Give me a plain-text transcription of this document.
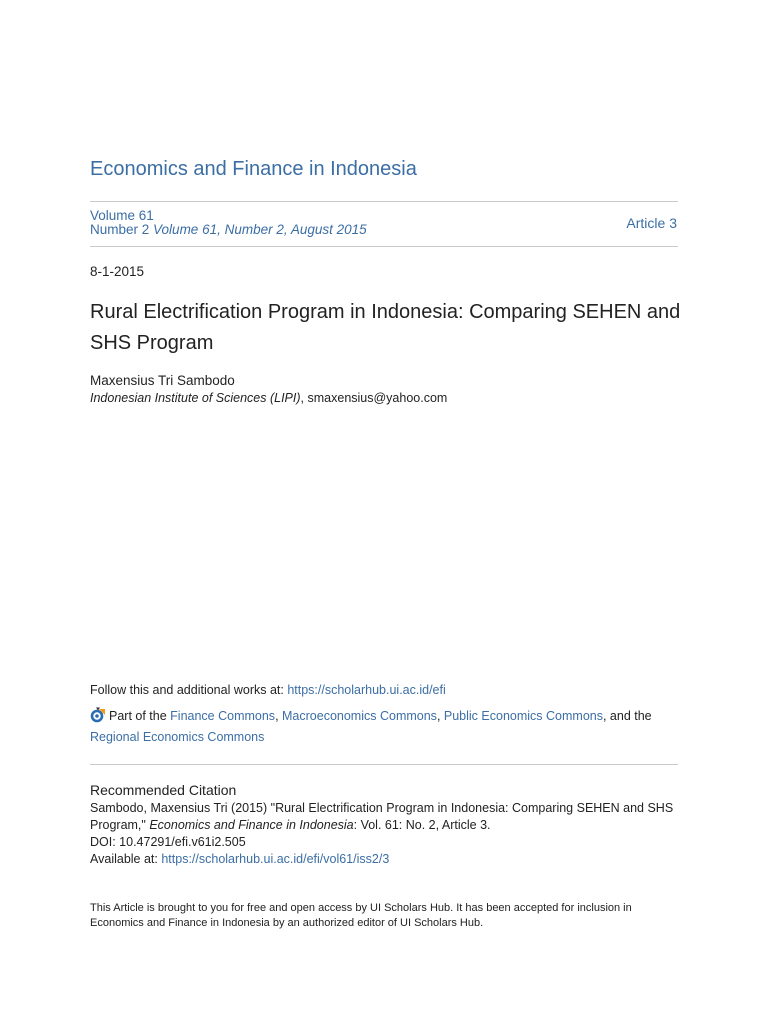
Economics and Finance in Indonesia
Volume 61
Number 2 Volume 61, Number 2, August 2015	Article 3
8-1-2015
Rural Electrification Program in Indonesia: Comparing SEHEN and SHS Program
Maxensius Tri Sambodo
Indonesian Institute of Sciences (LIPI), smaxensius@yahoo.com
Follow this and additional works at: https://scholarhub.ui.ac.id/efi
Part of the Finance Commons, Macroeconomics Commons, Public Economics Commons, and the
Regional Economics Commons
Recommended Citation
Sambodo, Maxensius Tri (2015) "Rural Electrification Program in Indonesia: Comparing SEHEN and SHS Program," Economics and Finance in Indonesia: Vol. 61: No. 2, Article 3.
DOI: 10.47291/efi.v61i2.505
Available at: https://scholarhub.ui.ac.id/efi/vol61/iss2/3
This Article is brought to you for free and open access by UI Scholars Hub. It has been accepted for inclusion in Economics and Finance in Indonesia by an authorized editor of UI Scholars Hub.
